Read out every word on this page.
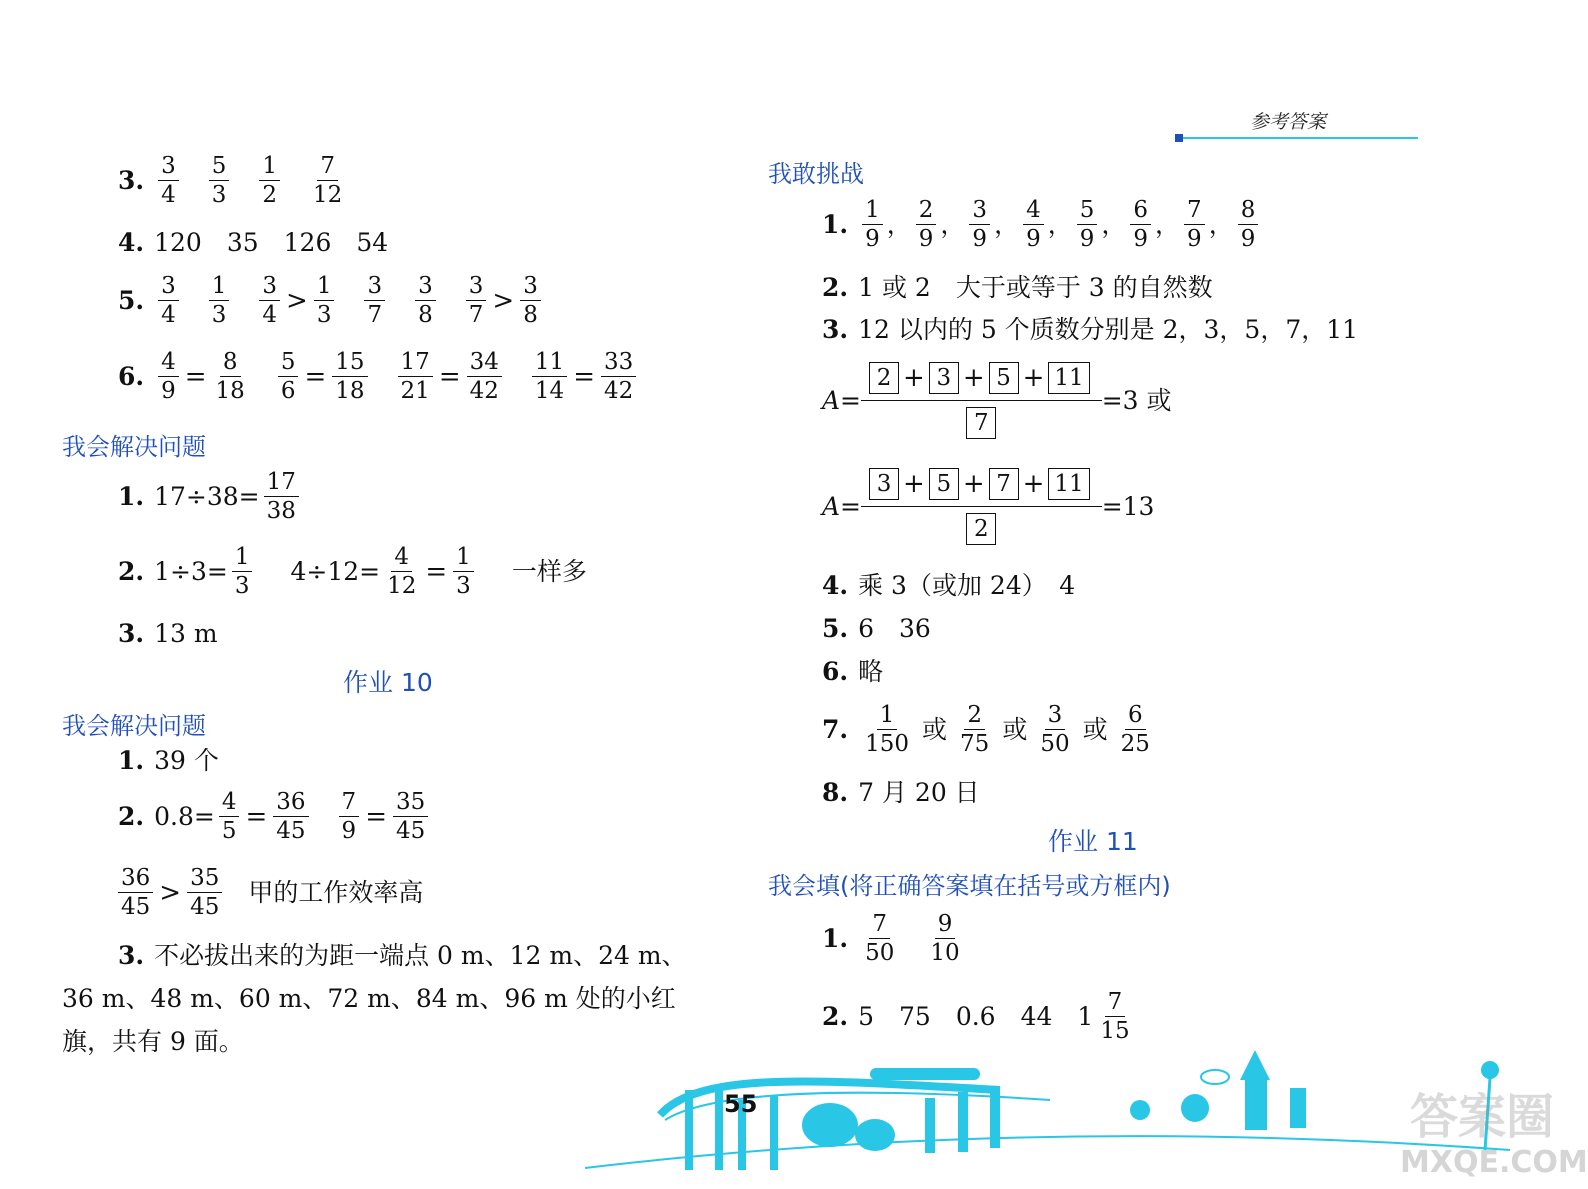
参考答案
3. $\frac{3}{4} \frac{5}{3} \frac{1}{2} \frac{7}{12}$
4. 120　35　126　54
5. $\frac{3}{4} \frac{1}{3} \frac{3}{4} > \frac{1}{3} \frac{3}{7} \frac{3}{8} \frac{3}{7} > \frac{3}{8}$
6. $\frac{4}{9} = \frac{8}{18} \frac{5}{6} = \frac{15}{18} \frac{17}{21} = \frac{34}{42} \frac{11}{14} = \frac{33}{42}$
我会解决问题
1. $17\div 38= \frac{17}{38}$
2. $1\div 3= \frac{1}{3} 4\div 12= \frac{4}{12} = \frac{1}{3}$ 一样多
3. 13 m
作业 10
我会解决问题
1. 39 个
2. $0.8= \frac{4}{5} = \frac{36}{45} \frac{7}{9} = \frac{35}{45}$
$\frac{36}{45} > \frac{35}{45}$ 甲的工作效率高
3. 不必拔出来的为距一端点 0 m、12 m、24 m、
36 m、48 m、60 m、72 m、84 m、96 m 处的小红
旗，共有 9 面。
我敢挑战
1. $\frac{1}{9}$ ， $\frac{2}{9}$ ， $\frac{3}{9}$ ， $\frac{4}{9}$ ， $\frac{5}{9}$ ， $\frac{6}{9}$ ， $\frac{7}{9}$ ， $\frac{8}{9}$
2. 1 或 2　大于或等于 3 的自然数
3. 12 以内的 5 个质数分别是 2，3，5，7，11
$A= \frac{2 + 3 + 5 + 11}{7} =3$ 或
$A= \frac{3 + 5 + 7 + 11}{2} =13$
4. 乘 3（或加 24）　4
5. 6　36
6. 略
7. $\frac{1}{150}$ 或 $\frac{2}{75}$ 或 $\frac{3}{50}$ 或 $\frac{6}{25}$
8. 7 月 20 日
作业 11
我会填(将正确答案填在括号或方框内)
1. $\frac{7}{50} \frac{9}{10}$
2. 5　75　0.6　44　$1 \frac{7}{15}$
55	答案圈
MXQE.COM
